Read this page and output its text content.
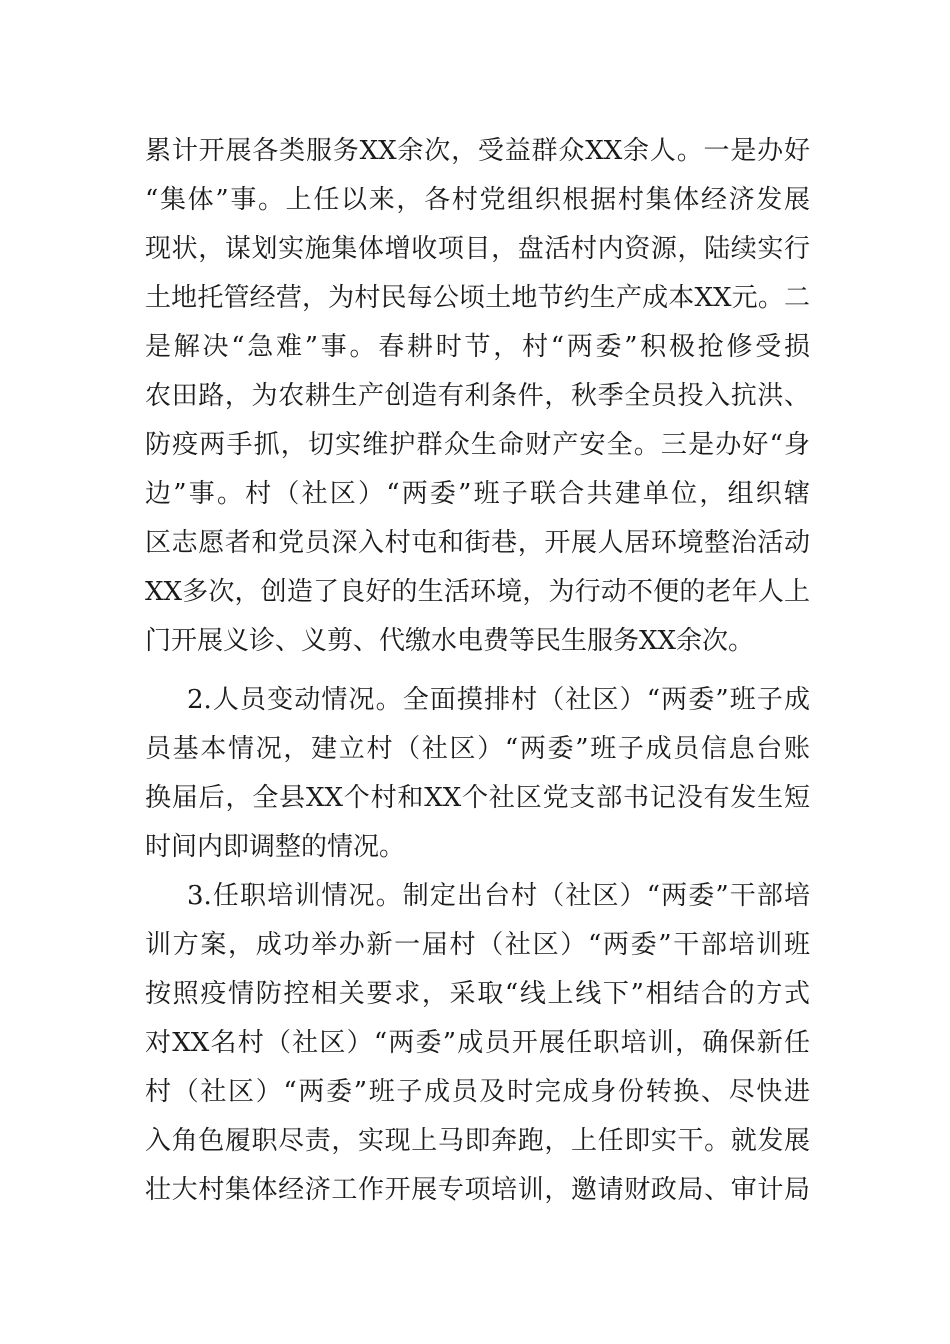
累计开展各类服务XX余次，受益群众XX余人。一是办好
“集体”事。上任以来，各村党组织根据村集体经济发展
现状，谋划实施集体增收项目，盘活村内资源，陆续实行
土地托管经营，为村民每公顷土地节约生产成本XX元。二
是解决“急难”事。春耕时节，村“两委”积极抢修受损
农田路，为农耕生产创造有利条件，秋季全员投入抗洪、
防疫两手抓，切实维护群众生命财产安全。三是办好“身
边”事。村（社区）“两委”班子联合共建单位，组织辖
区志愿者和党员深入村屯和街巷，开展人居环境整治活动
XX多次，创造了良好的生活环境，为行动不便的老年人上
门开展义诊、义剪、代缴水电费等民生服务XX余次。
2.人员变动情况。全面摸排村（社区）“两委”班子成
员基本情况，建立村（社区）“两委”班子成员信息台账
换届后，全县XX个村和XX个社区党支部书记没有发生短
时间内即调整的情况。
3.任职培训情况。制定出台村（社区）“两委”干部培
训方案，成功举办新一届村（社区）“两委”干部培训班
按照疫情防控相关要求，采取“线上线下”相结合的方式
对XX名村（社区）“两委”成员开展任职培训，确保新任
村（社区）“两委”班子成员及时完成身份转换、尽快进
入角色履职尽责，实现上马即奔跑，上任即实干。就发展
壮大村集体经济工作开展专项培训，邀请财政局、审计局
